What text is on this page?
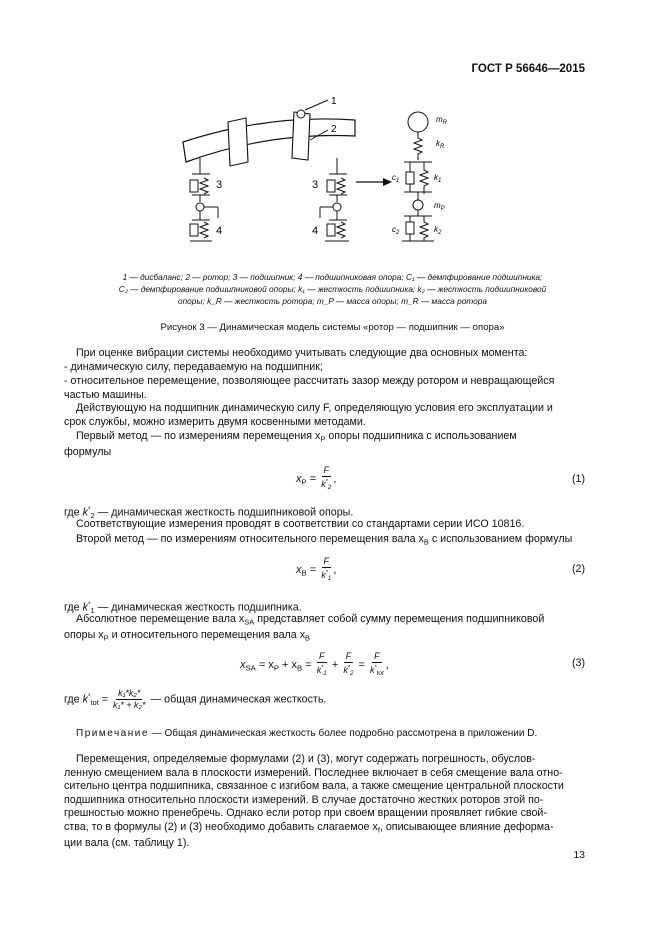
ГОСТ Р 56646—2015
1
2
3
4
3
4
$m_R$
$k_R$
$c_1$	$k_1$
$m_P$
$c_2$	$k_2$
1 — дисбаланс; 2 — ротор; 3 — подшипник; 4 — подшипниковая опора; C₁ — демпфирование подшипника;
C₂ — демпфирование подшипниковой опоры; k₁ — жесткость подшипника; k₂ — жесткость подшипниковой
опоры; k_R — жесткость ротора; m_P — масса опоры; m_R — масса ротора
Рисунок 3 — Динамическая модель системы «ротор — подшипник — опора»
При оценке вибрации системы необходимо учитывать следующие два основных момента:
- динамическую силу, передаваемую на подшипник;
- относительное перемещение, позволяющее рассчитать зазор между ротором и невращающейся
частью машины.
Действующую на подшипник динамическую силу F, определяющую условия его эксплуатации и
срок службы, можно измерить двумя косвенными методами.
Первый метод — по измерениям перемещения $x_P$ опоры подшипника с использованием
формулы
$x_P = \frac{F}{k^*_2}$ ,	(1)
где $k^*_2$ — динамическая жесткость подшипниковой опоры.
Соответствующие измерения проводят в соответствии со стандартами серии ИСО 10816.
Второй метод — по измерениям относительного перемещения вала $x_B$ с использованием формулы
$x_B = \frac{F}{k^*_1}$ ,	(2)
где $k^*_1$ — динамическая жесткость подшипника.
Абсолютное перемещение вала $x_{SA}$ представляет собой сумму перемещения подшипниковой
опоры $x_P$ и относительного перемещения вала $x_B$
$x_{SA} = x_P + x_B = \frac{F}{k^*_1} + \frac{F}{k^*_2} = \frac{F}{k^*_{tot}}$ ,	(3)
где $k^*_{tot} = \frac{\text{k₁*k₂*}}{\text{k₁* + k₂*}}$ — общая динамическая жесткость.
Примечание — Общая динамическая жесткость более подробно рассмотрена в приложении D.
Перемещения, определяемые формулами (2) и (3), могут содержать погрешность, обуслов-
ленную смещением вала в плоскости измерений. Последнее включает в себя смещение вала отно-
сительно центра подшипника, связанное с изгибом вала, а также смещение центральной плоскости
подшипника относительно плоскости измерений. В случае достаточно жестких роторов этой по-
грешностью можно пренебречь. Однако если ротор при своем вращении проявляет гибкие свой-
ства, то в формулы (2) и (3) необходимо добавить слагаемое $x_f$, описывающее влияние деформа-
ции вала (см. таблицу 1).
13
